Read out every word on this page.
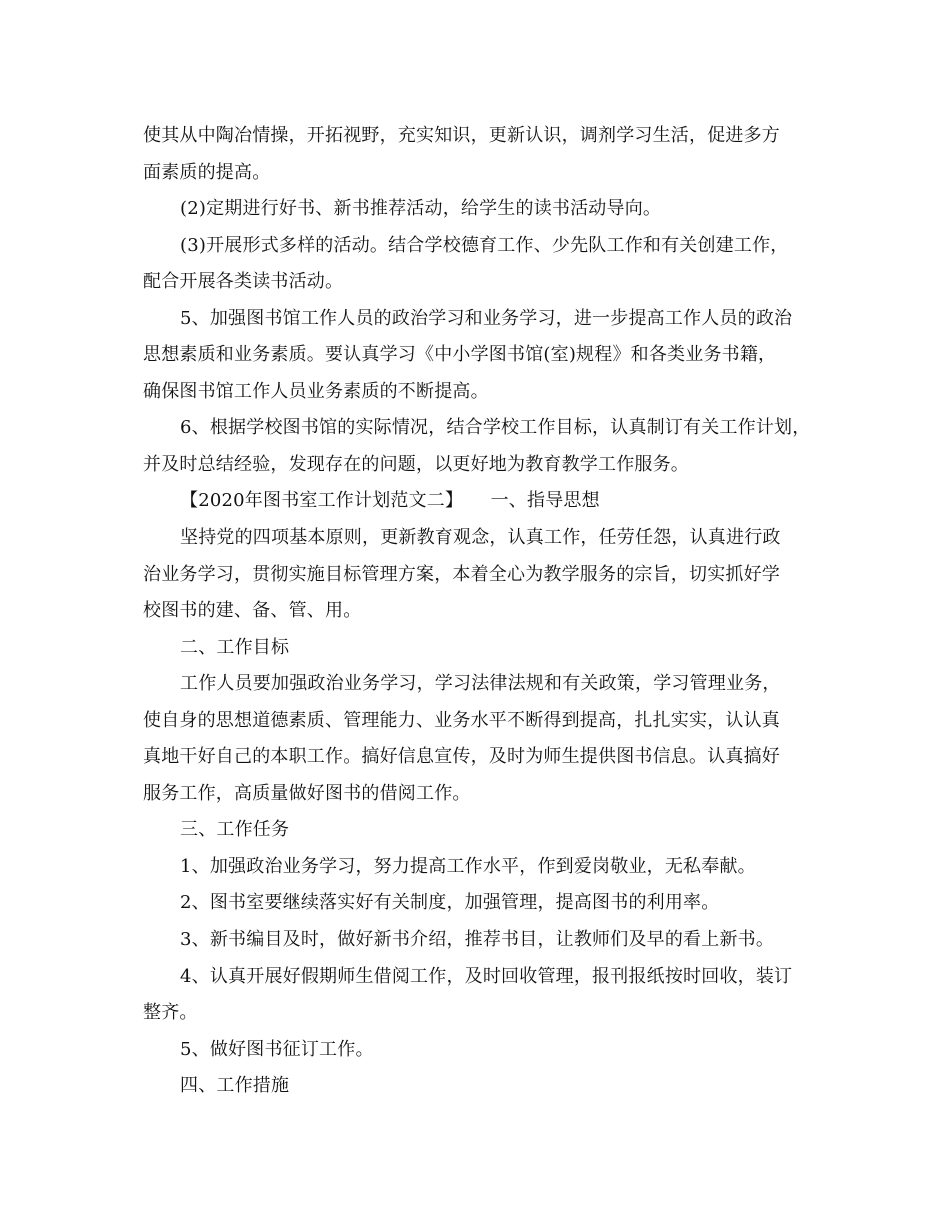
使其从中陶冶情操，开拓视野，充实知识，更新认识，调剂学习生活，促进多方
面素质的提高。
(2)定期进行好书、新书推荐活动，给学生的读书活动导向。
(3)开展形式多样的活动。结合学校德育工作、少先队工作和有关创建工作，
配合开展各类读书活动。
5、加强图书馆工作人员的政治学习和业务学习，进一步提高工作人员的政治
思想素质和业务素质。要认真学习《中小学图书馆(室)规程》和各类业务书籍，
确保图书馆工作人员业务素质的不断提高。
6、根据学校图书馆的实际情况，结合学校工作目标，认真制订有关工作计划，
并及时总结经验，发现存在的问题，以更好地为教育教学工作服务。
【2020年图书室工作计划范文二】　　一、指导思想
坚持党的四项基本原则，更新教育观念，认真工作，任劳任怨，认真进行政
治业务学习，贯彻实施目标管理方案，本着全心为教学服务的宗旨，切实抓好学
校图书的建、备、管、用。
二、工作目标
工作人员要加强政治业务学习，学习法律法规和有关政策，学习管理业务，
使自身的思想道德素质、管理能力、业务水平不断得到提高，扎扎实实，认认真
真地干好自己的本职工作。搞好信息宣传，及时为师生提供图书信息。认真搞好
服务工作，高质量做好图书的借阅工作。
三、工作任务
1、加强政治业务学习，努力提高工作水平，作到爱岗敬业，无私奉献。
2、图书室要继续落实好有关制度，加强管理，提高图书的利用率。
3、新书编目及时，做好新书介绍，推荐书目，让教师们及早的看上新书。
4、认真开展好假期师生借阅工作，及时回收管理，报刊报纸按时回收，装订
整齐。
5、做好图书征订工作。
四、工作措施
